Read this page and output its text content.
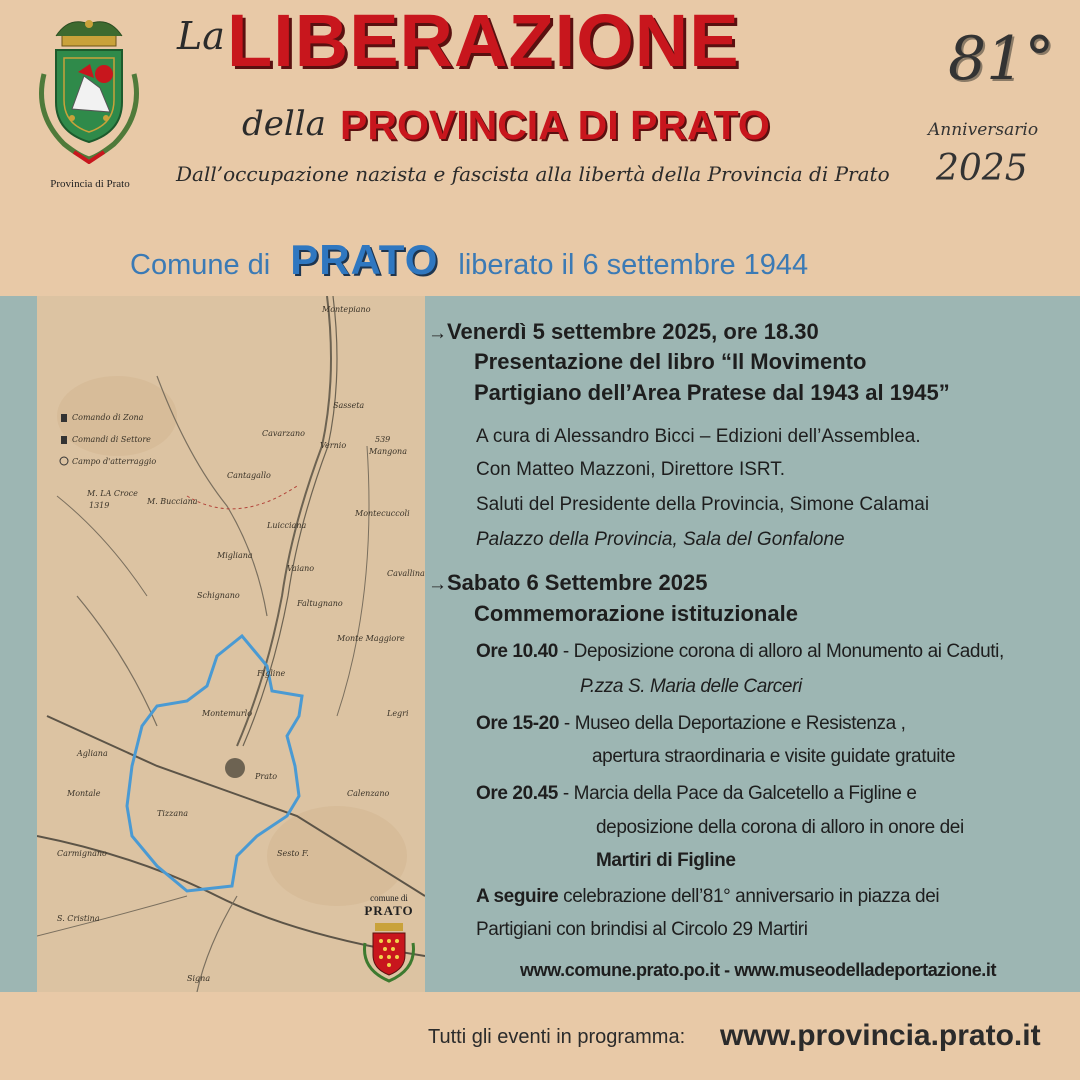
Provincia di Prato
La LIBERAZIONE
della PROVINCIA DI PRATO
Dall’occupazione nazista e fascista alla libertà della Provincia di Prato
81°
Anniversario
2025
Comune di PRATO liberato il 6 settembre 1944
Comando di Zona
Comandi di Settore
Campo d'atterraggio
M. LA Croce
1319
Montepiano
Sasseta
Cavarzano
Vernio
539
Mangona
Cantagallo
M. Bucciana
Luicciana
Montecuccoli
Migliana
Vaiano
Cavallina
Schignano
Faltugnano
Monte Maggiore
Figline
Montemurlo
Prato
Calenzano
Legri
Agliana
Montale
Tizzana
Carmignano	Sesto F.
S. Cristina
Signa
comune di
PRATO
→Venerdì 5 settembre 2025, ore 18.30
Presentazione del libro “Il Movimento
Partigiano dell’Area Pratese dal 1943 al 1945”
A cura di Alessandro Bicci – Edizioni dell’Assemblea.
Con Matteo Mazzoni, Direttore ISRT.
Saluti del Presidente della Provincia, Simone Calamai
Palazzo della Provincia, Sala del Gonfalone
→Sabato 6 Settembre 2025
Commemorazione istituzionale
Ore 10.40 - Deposizione corona di alloro al Monumento ai Caduti,
P.zza S. Maria delle Carceri
Ore 15-20 - Museo della Deportazione e Resistenza ,
apertura straordinaria e visite guidate gratuite
Ore 20.45 - Marcia della Pace da Galcetello a Figline e
deposizione della corona di alloro in onore dei
Martiri di Figline
A seguire celebrazione dell’81° anniversario in piazza dei
Partigiani con brindisi al Circolo 29 Martiri
www.comune.prato.po.it - www.museodelladeportazione.it
Tutti gli eventi in programma: www.provincia.prato.it
